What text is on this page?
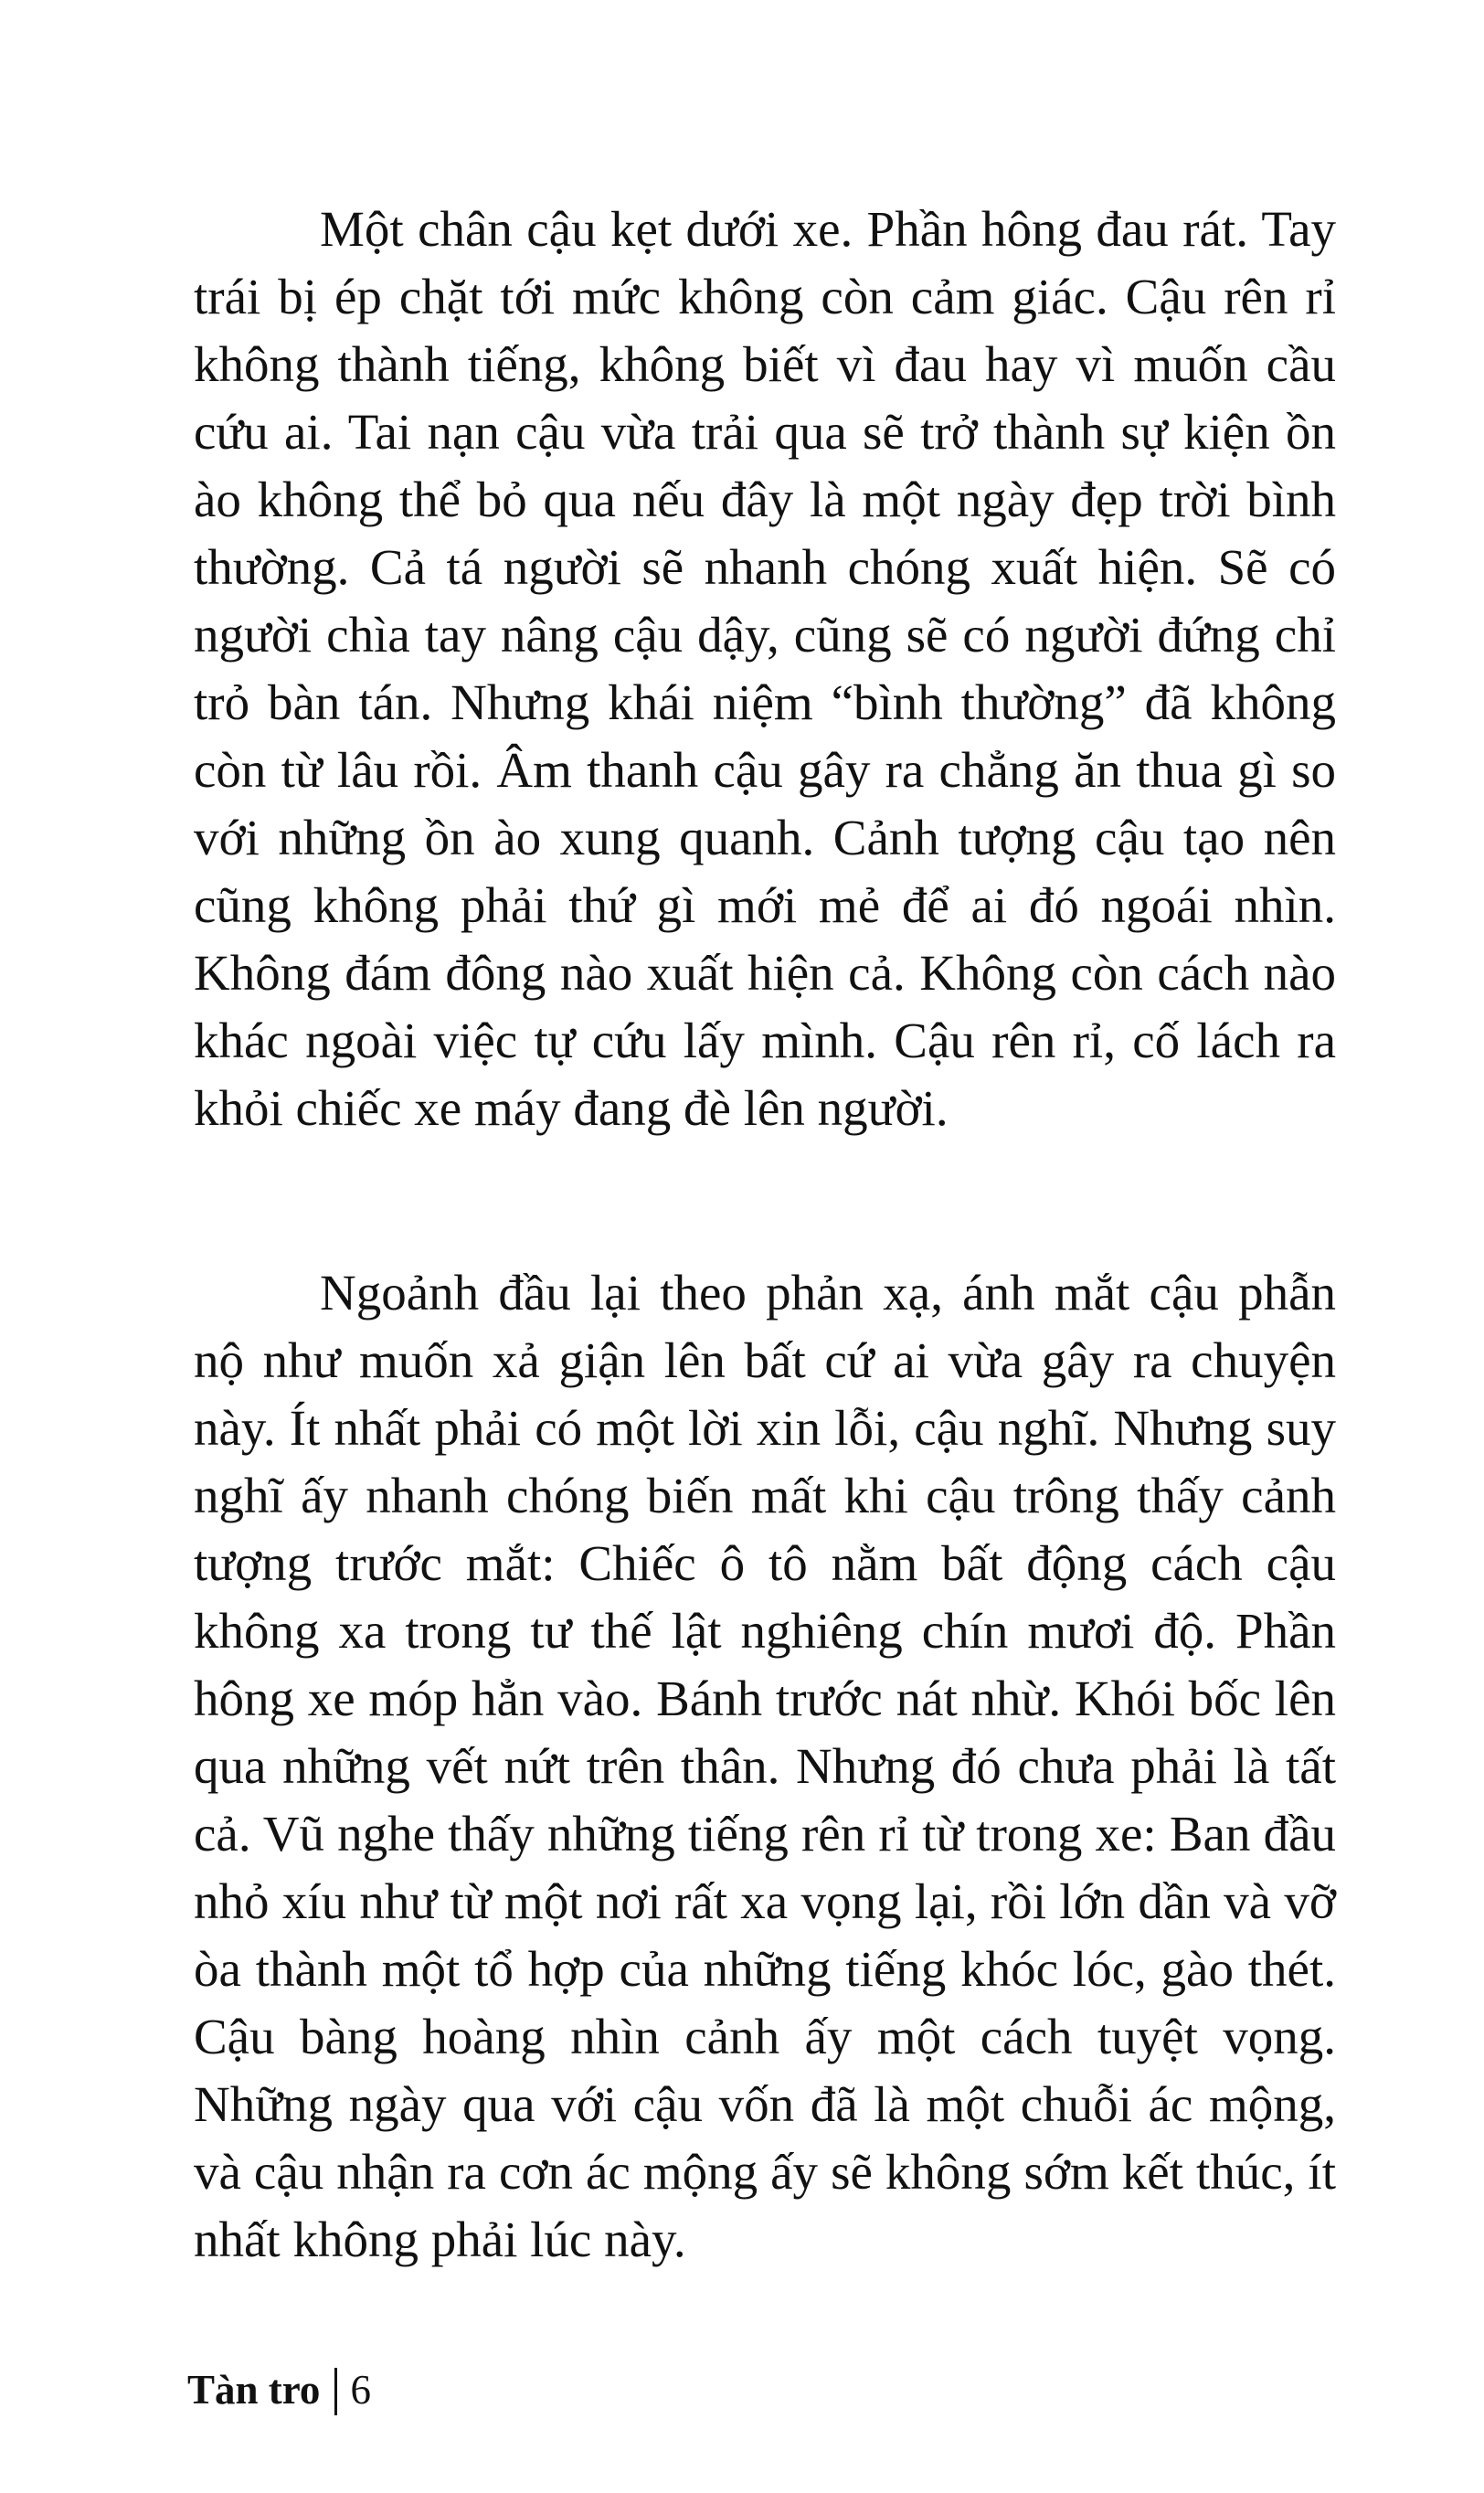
Một chân cậu kẹt dưới xe. Phần hông đau rát. Tay trái bị ép chặt tới mức không còn cảm giác. Cậu rên rỉ không thành tiếng, không biết vì đau hay vì muốn cầu cứu ai. Tai nạn cậu vừa trải qua sẽ trở thành sự kiện ồn ào không thể bỏ qua nếu đây là một ngày đẹp trời bình thường. Cả tá người sẽ nhanh chóng xuất hiện. Sẽ có người chìa tay nâng cậu dậy, cũng sẽ có người đứng chỉ trỏ bàn tán. Nhưng khái niệm “bình thường” đã không còn từ lâu rồi. Âm thanh cậu gây ra chẳng ăn thua gì so với những ồn ào xung quanh. Cảnh tượng cậu tạo nên cũng không phải thứ gì mới mẻ để ai đó ngoái nhìn. Không đám đông nào xuất hiện cả. Không còn cách nào khác ngoài việc tự cứu lấy mình. Cậu rên rỉ, cố lách ra khỏi chiếc xe máy đang đè lên người.

Ngoảnh đầu lại theo phản xạ, ánh mắt cậu phẫn nộ như muốn xả giận lên bất cứ ai vừa gây ra chuyện này. Ít nhất phải có một lời xin lỗi, cậu nghĩ. Nhưng suy nghĩ ấy nhanh chóng biến mất khi cậu trông thấy cảnh tượng trước mắt: Chiếc ô tô nằm bất động cách cậu không xa trong tư thế lật nghiêng chín mươi độ. Phần hông xe móp hẳn vào. Bánh trước nát nhừ. Khói bốc lên qua những vết nứt trên thân. Nhưng đó chưa phải là tất cả. Vũ nghe thấy những tiếng rên rỉ từ trong xe: Ban đầu nhỏ xíu như từ một nơi rất xa vọng lại, rồi lớn dần và vỡ òa thành một tổ hợp của những tiếng khóc lóc, gào thét. Cậu bàng hoàng nhìn cảnh ấy một cách tuyệt vọng. Những ngày qua với cậu vốn đã là một chuỗi ác mộng, và cậu nhận ra cơn ác mộng ấy sẽ không sớm kết thúc, ít nhất không phải lúc này.

Tàn tro 6
